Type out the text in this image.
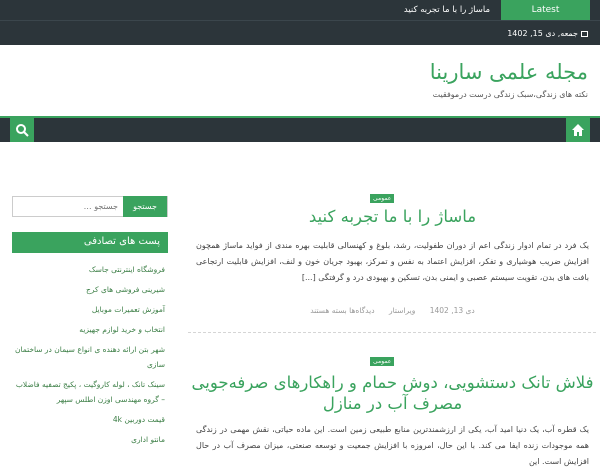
Latest
ماساژ را با ما تجربه کنید
جمعه, دی 15, 1402
مجله علمی سارینا
نکته های زندگی،سبک زندگی درست درموفقیت
عمومی
ماساژ را با ما تجربه کنید
یک فرد در تمام ادوار زندگی اعم از دوران طفولیت، رشد، بلوغ و کهنسالی قابلیت بهره مندی از فواید ماساژ همچون افزایش ضریب هوشیاری و تفکر، افزایش اعتماد به نفس و تمرکز، بهبود جریان خون و لنف، افزایش قابلیت ارتجاعی بافت های بدن، تقویت سیستم عصبی و ایمنی بدن، تسکین و بهبودی درد و گرفتگی [...]
دی 13, 1402 ویراستار دیدگاه‌ها بسته هستند
عمومی
فلاش تانک دستشویی، دوش حمام و راهکارهای صرفه‌جویی مصرف آب در منازل
یک قطره آب، یک دنیا امید آب، یکی از ارزشمندترین منابع طبیعی زمین است. این ماده حیاتی، نقش مهمی در زندگی همه موجودات زنده ایفا می کند. با این حال، امروزه با افزایش جمعیت و توسعه صنعتی، میزان مصرف آب در حال افزایش است. این
جستجو …
جستجو
پست های تصادفی
فروشگاه اینترنتی جاسک
شیرینی فروشی های کرج
آموزش تعمیرات موبایل
انتخاب و خرید لوازم جهیزیه
شهر بتن ارائه دهنده ی انواع سیمان در ساختمان سازی
سینک تانک ، لوله کاروگیت ، پکیج تصفیه فاضلاب – گروه مهندسی اوزن اطلس سپهر
قیمت دوربین 4k
مانتو اداری
